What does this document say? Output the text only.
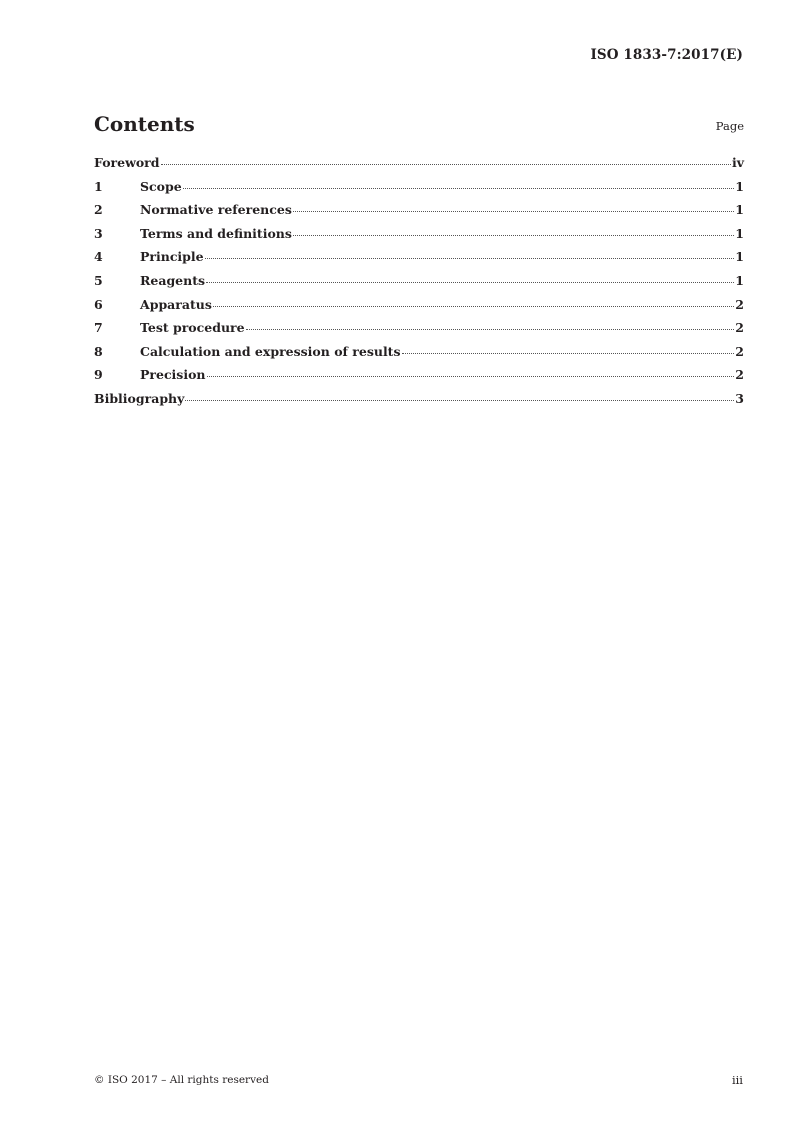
ISO 1833-7:2017(E)
Contents	Page
Foreword	iv
1	Scope	1
2	Normative references	1
3	Terms and definitions	1
4	Principle	1
5	Reagents	1
6	Apparatus	2
7	Test procedure	2
8	Calculation and expression of results	2
9	Precision	2
Bibliography	3
© ISO 2017 – All rights reserved	iii
